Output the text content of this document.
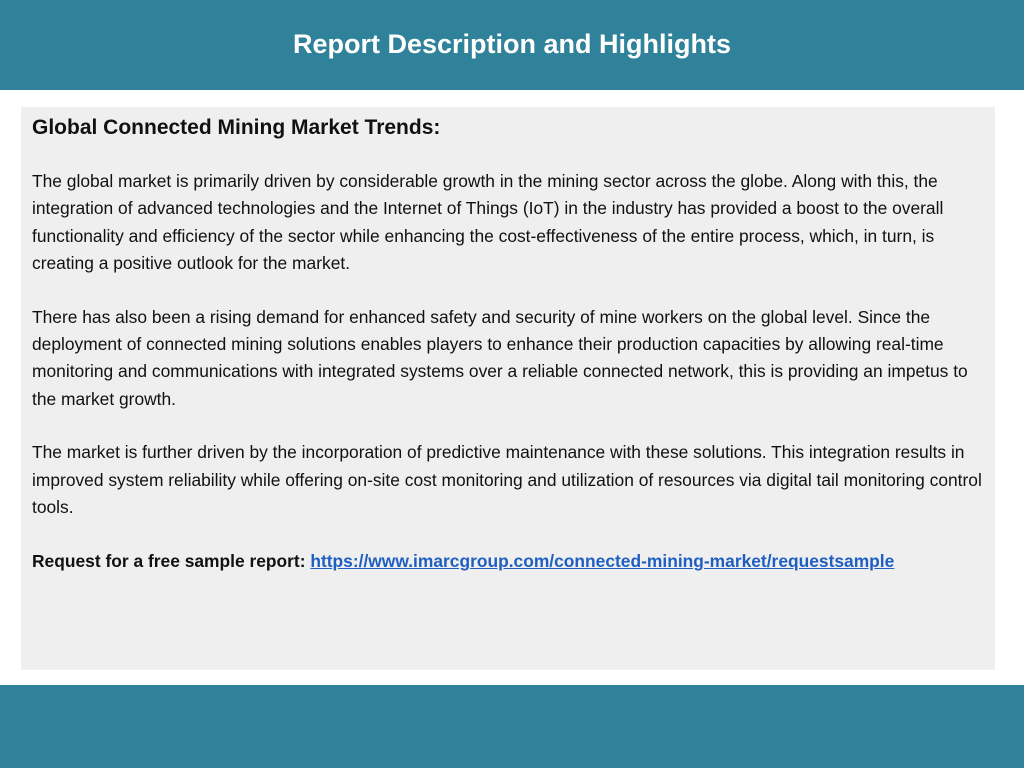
Report Description and Highlights
Global Connected Mining Market Trends:

The global market is primarily driven by considerable growth in the mining sector across the globe. Along with this, the integration of advanced technologies and the Internet of Things (IoT) in the industry has provided a boost to the overall functionality and efficiency of the sector while enhancing the cost-effectiveness of the entire process, which, in turn, is creating a positive outlook for the market.

There has also been a rising demand for enhanced safety and security of mine workers on the global level. Since the deployment of connected mining solutions enables players to enhance their production capacities by allowing real-time monitoring and communications with integrated systems over a reliable connected network, this is providing an impetus to the market growth.

The market is further driven by the incorporation of predictive maintenance with these solutions. This integration results in improved system reliability while offering on-site cost monitoring and utilization of resources via digital tail monitoring control tools.

Request for a free sample report: https://www.imarcgroup.com/connected-mining-market/requestsample
